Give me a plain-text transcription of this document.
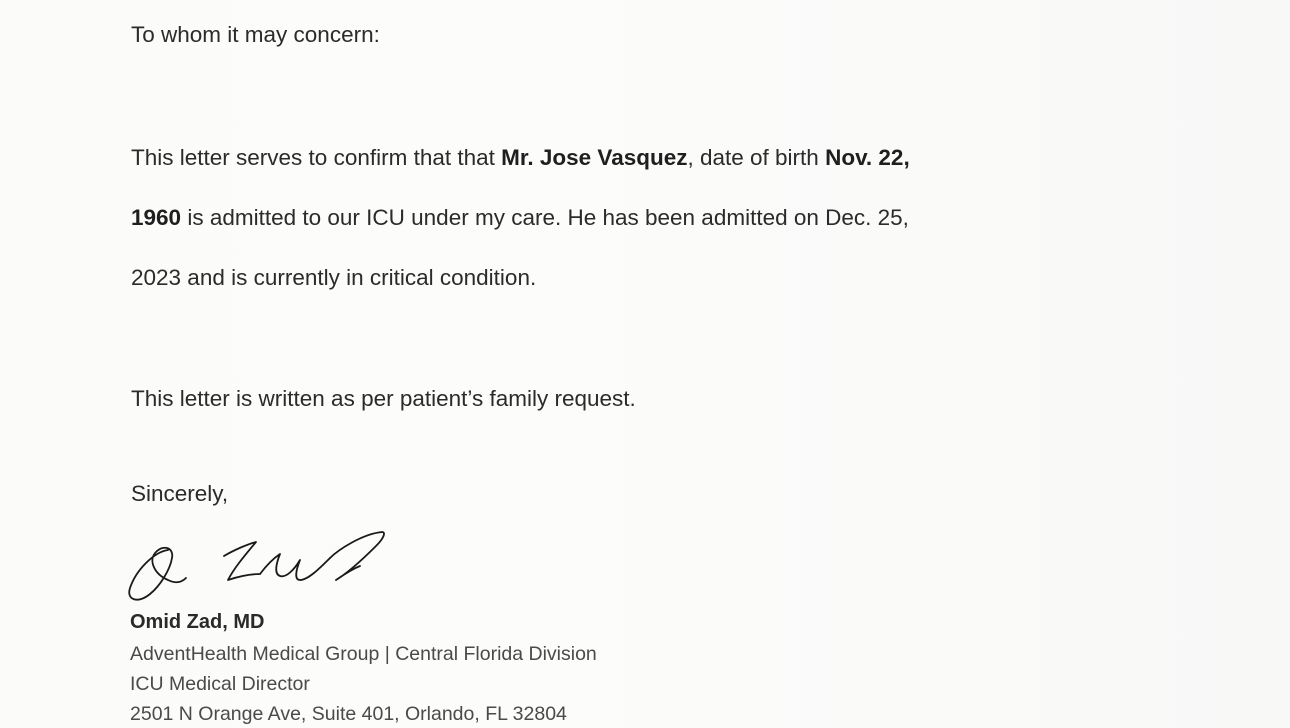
To whom it may concern:
This letter serves to confirm that that Mr. Jose Vasquez, date of birth Nov. 22,
1960 is admitted to our ICU under my care. He has been admitted on Dec. 25,
2023 and is currently in critical condition.
This letter is written as per patient’s family request.
Sincerely,
Omid Zad, MD
AdventHealth Medical Group | Central Florida Division
ICU Medical Director
2501 N Orange Ave, Suite 401, Orlando, FL 32804
